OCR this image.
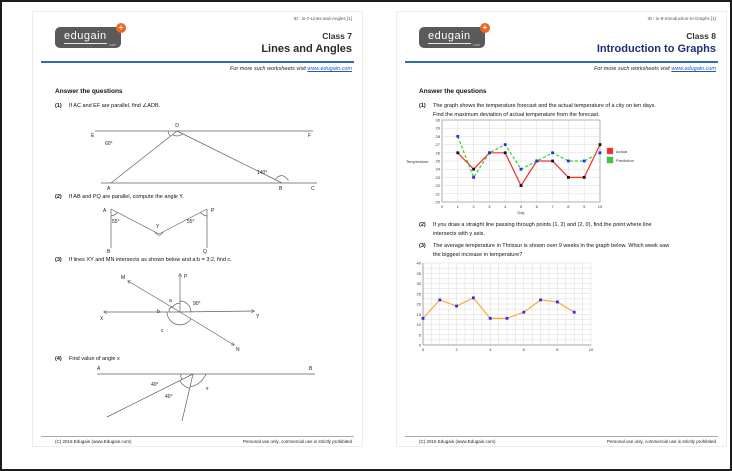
ID : in-7-Lines-and-Angles [1]
edugain
.com
+
Class 7
Lines and Angles
For more such worksheets visit www.edugain.com
Answer the questions
(1)	If AC and EF are parallel, find ∠ADB.
D
E	F
A	B	C
60°
140°
(2)	If AB and PQ are parallel, compute the angle Y.
A
B
P
Q
Y
55°	55°
(3)	If lines XY and MN intersects as shown below and a:b = 3:2, find c.
P
M
X	Y
N
a
b
90°
c
(4)	Find value of angle x
A	B
40°
40°
x
(C) 2016 Edugain (www.Edugain.com)	Personal use only, commercial use is strictly prohibited
ID : in-8-Introduction-to-Graphs [1]
edugain
.com
+
Class 8
Introduction to Graphs
For more such worksheets visit www.edugain.com
Answer the questions
(1)	The graph shows the temperature forecast and the actual temperature of a city on ten days.
Find the maximum deviation of actual temperature from the forecast.
0	1	2	3	4	5	6	7	8	9	10
20
21
22
23
24
25
26
27
28
29
30
Day
Temperature
Actual
Prediction
(2)	If you draw a straight line passing through points (1, 2) and (2, 0), find the point where line
intersects with y axis.
(3)	The average temperature in Thrissur is shown over 9 weeks in the graph below. Which week saw
the biggest increase in temperature?
0	2	4	6	8	10
0
5
10
15
20
25
30
35
40
(C) 2016 Edugain (www.Edugain.com)	Personal use only, commercial use is strictly prohibited
